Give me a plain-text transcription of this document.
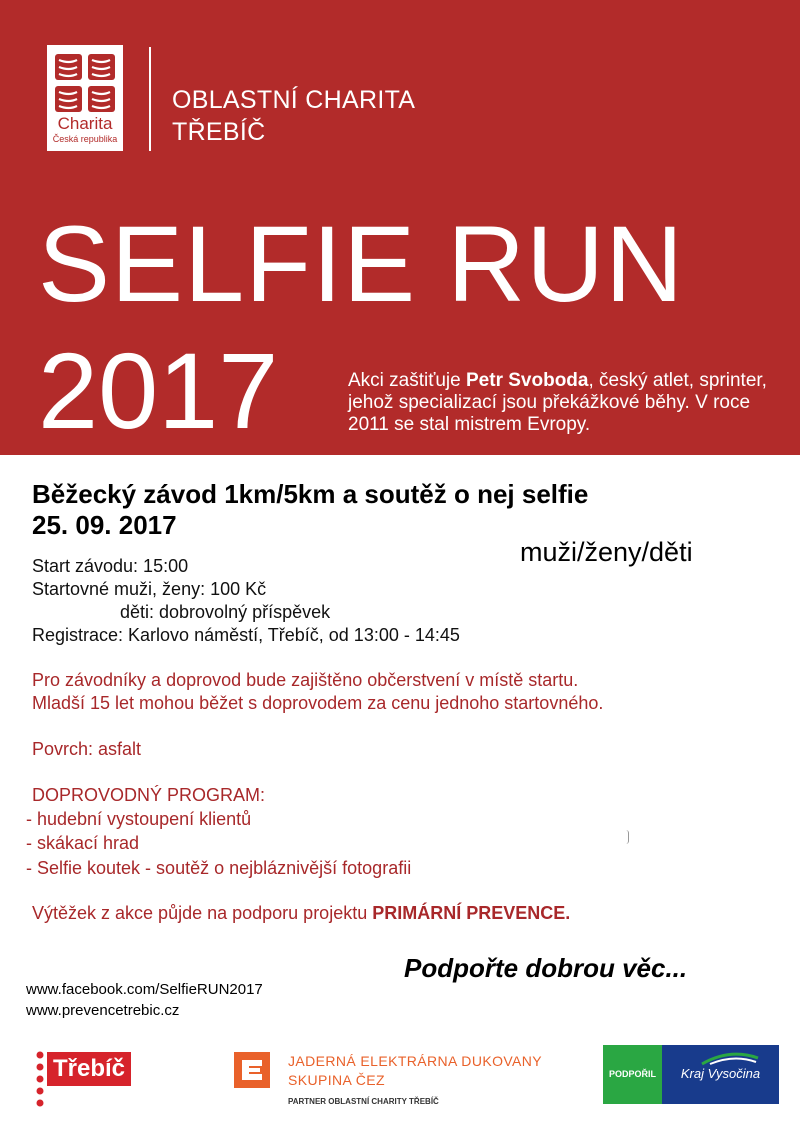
Charita
Česká republika
OBLASTNÍ CHARITA
TŘEBÍČ
SELFIE RUN
2017	Akci zaštiťuje Petr Svoboda, český atlet, sprinter, jehož specializací jsou překážkové běhy. V roce 2011 se stal mistrem Evropy.
Běžecký závod 1km/5km a soutěž o nej selfie
25. 09. 2017
muži/ženy/děti
Start závodu: 15:00
Startovné muži, ženy: 100 Kč
děti: dobrovolný příspěvek
Registrace: Karlovo náměstí, Třebíč, od 13:00 - 14:45
Pro závodníky a doprovod bude zajištěno občerstvení v místě startu.
Mladší 15 let mohou běžet s doprovodem za cenu jednoho startovného.
Povrch: asfalt
DOPROVODNÝ PROGRAM:
- hudební vystoupení klientů
- skákací hrad
- Selfie koutek - soutěž o nejbláznivější fotografii
Výtěžek z akce půjde na podporu projektu PRIMÁRNÍ PREVENCE.
Podpořte dobrou věc...
www.facebook.com/SelfieRUN2017
www.prevencetrebic.cz
Třebíč	JADERNÁ ELEKTRÁRNA DUKOVANY
SKUPINA ČEZ
PARTNER OBLASTNÍ CHARITY TŘEBÍČ
PODPOŘIL	Kraj Vysočina
